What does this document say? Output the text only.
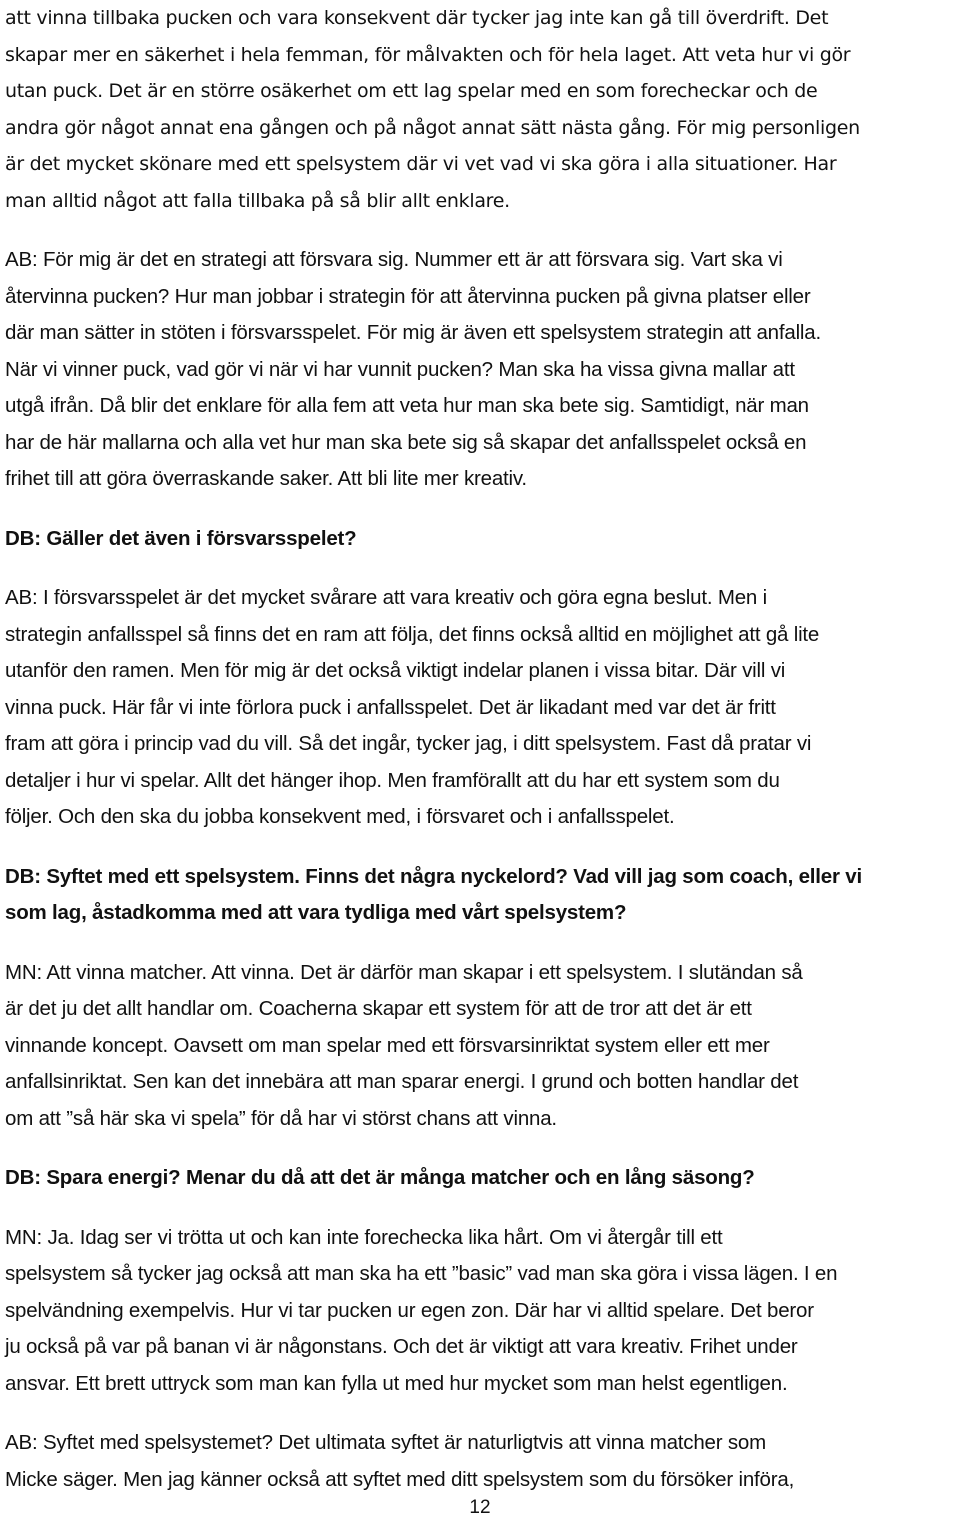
att vinna tillbaka pucken och vara konsekvent där tycker jag inte kan gå till överdrift. Det
skapar mer en säkerhet i hela femman, för målvakten och för hela laget. Att veta hur vi gör
utan puck. Det är en större osäkerhet om ett lag spelar med en som forecheckar och de
andra gör något annat ena gången och på något annat sätt nästa gång. För mig personligen
är det mycket skönare med ett spelsystem där vi vet vad vi ska göra i alla situationer. Har
man alltid något att falla tillbaka på så blir allt enklare.
AB: För mig är det en strategi att försvara sig. Nummer ett är att försvara sig. Vart ska vi
återvinna pucken? Hur man jobbar i strategin för att återvinna pucken på givna platser eller
där man sätter in stöten i försvarsspelet. För mig är även ett spelsystem strategin att anfalla.
När vi vinner puck, vad gör vi när vi har vunnit pucken? Man ska ha vissa givna mallar att
utgå ifrån. Då blir det enklare för alla fem att veta hur man ska bete sig. Samtidigt, när man
har de här mallarna och alla vet hur man ska bete sig så skapar det anfallsspelet också en
frihet till att göra överraskande saker. Att bli lite mer kreativ.
DB: Gäller det även i försvarsspelet?
AB: I försvarsspelet är det mycket svårare att vara kreativ och göra egna beslut. Men i
strategin anfallsspel så finns det en ram att följa, det finns också alltid en möjlighet att gå lite
utanför den ramen. Men för mig är det också viktigt indelar planen i vissa bitar. Där vill vi
vinna puck. Här får vi inte förlora puck i anfallsspelet. Det är likadant med var det är fritt
fram att göra i princip vad du vill. Så det ingår, tycker jag, i ditt spelsystem. Fast då pratar vi
detaljer i hur vi spelar. Allt det hänger ihop. Men framförallt att du har ett system som du
följer. Och den ska du jobba konsekvent med, i försvaret och i anfallsspelet.
DB: Syftet med ett spelsystem. Finns det några nyckelord? Vad vill jag som coach, eller vi
som lag, åstadkomma med att vara tydliga med vårt spelsystem?
MN: Att vinna matcher. Att vinna. Det är därför man skapar i ett spelsystem. I slutändan så
är det ju det allt handlar om. Coacherna skapar ett system för att de tror att det är ett
vinnande koncept. Oavsett om man spelar med ett försvarsinriktat system eller ett mer
anfallsinriktat. Sen kan det innebära att man sparar energi. I grund och botten handlar det
om att ”så här ska vi spela” för då har vi störst chans att vinna.
DB: Spara energi? Menar du då att det är många matcher och en lång säsong?
MN: Ja. Idag ser vi trötta ut och kan inte forechecka lika hårt. Om vi återgår till ett
spelsystem så tycker jag också att man ska ha ett ”basic” vad man ska göra i vissa lägen. I en
spelvändning exempelvis. Hur vi tar pucken ur egen zon. Där har vi alltid spelare. Det beror
ju också på var på banan vi är någonstans. Och det är viktigt att vara kreativ. Frihet under
ansvar. Ett brett uttryck som man kan fylla ut med hur mycket som man helst egentligen.
AB: Syftet med spelsystemet? Det ultimata syftet är naturligtvis att vinna matcher som
Micke säger. Men jag känner också att syftet med ditt spelsystem som du försöker införa,
12
